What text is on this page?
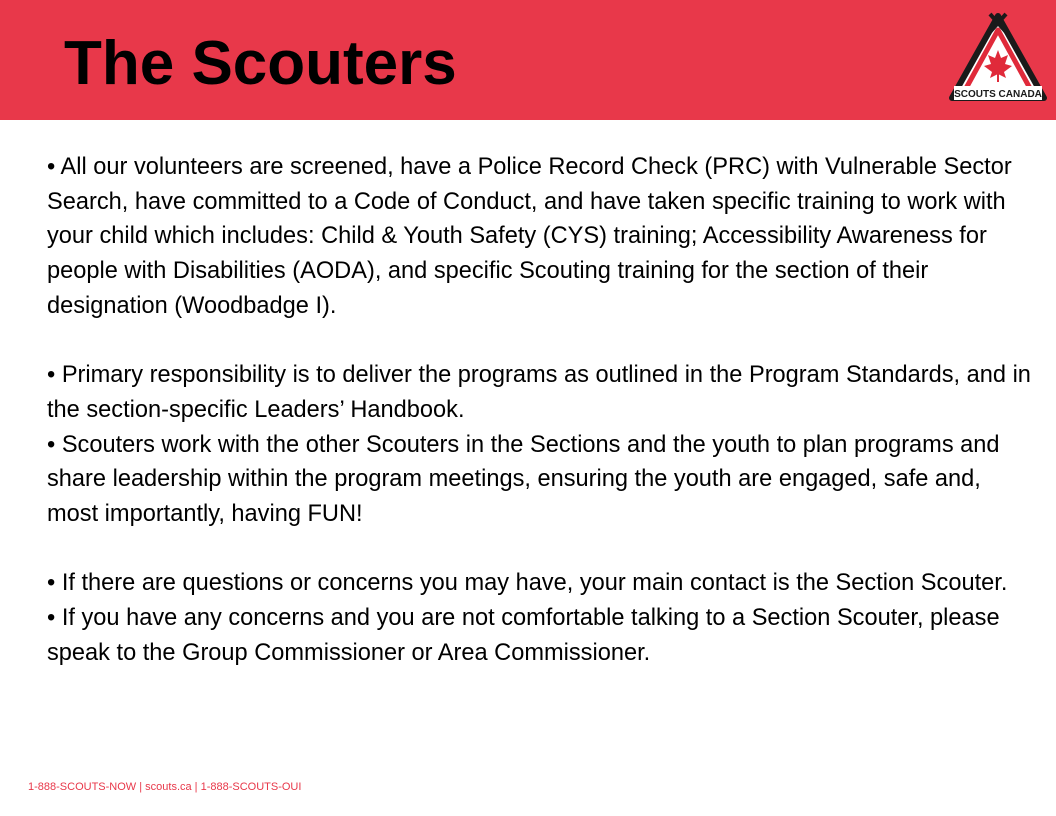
The Scouters	SCOUTS CANADA

• All our volunteers are screened, have a Police Record Check (PRC) with Vulnerable Sector Search, have committed to a Code of Conduct, and have taken specific training to work with your child which includes: Child & Youth Safety (CYS) training; Accessibility Awareness for people with Disabilities (AODA), and specific Scouting training for the section of their designation (Woodbadge I).

• Primary responsibility is to deliver the programs as outlined in the Program Standards, and in the section-specific Leaders’ Handbook.

• Scouters work with the other Scouters in the Sections and the youth to plan programs and share leadership within the program meetings, ensuring the youth are engaged, safe and, most importantly, having FUN!

• If there are questions or concerns you may have, your main contact is the Section Scouter.

• If you have any concerns and you are not comfortable talking to a Section Scouter, please speak to the Group Commissioner or Area Commissioner.

1-888-SCOUTS-NOW | scouts.ca | 1-888-SCOUTS-OUI
